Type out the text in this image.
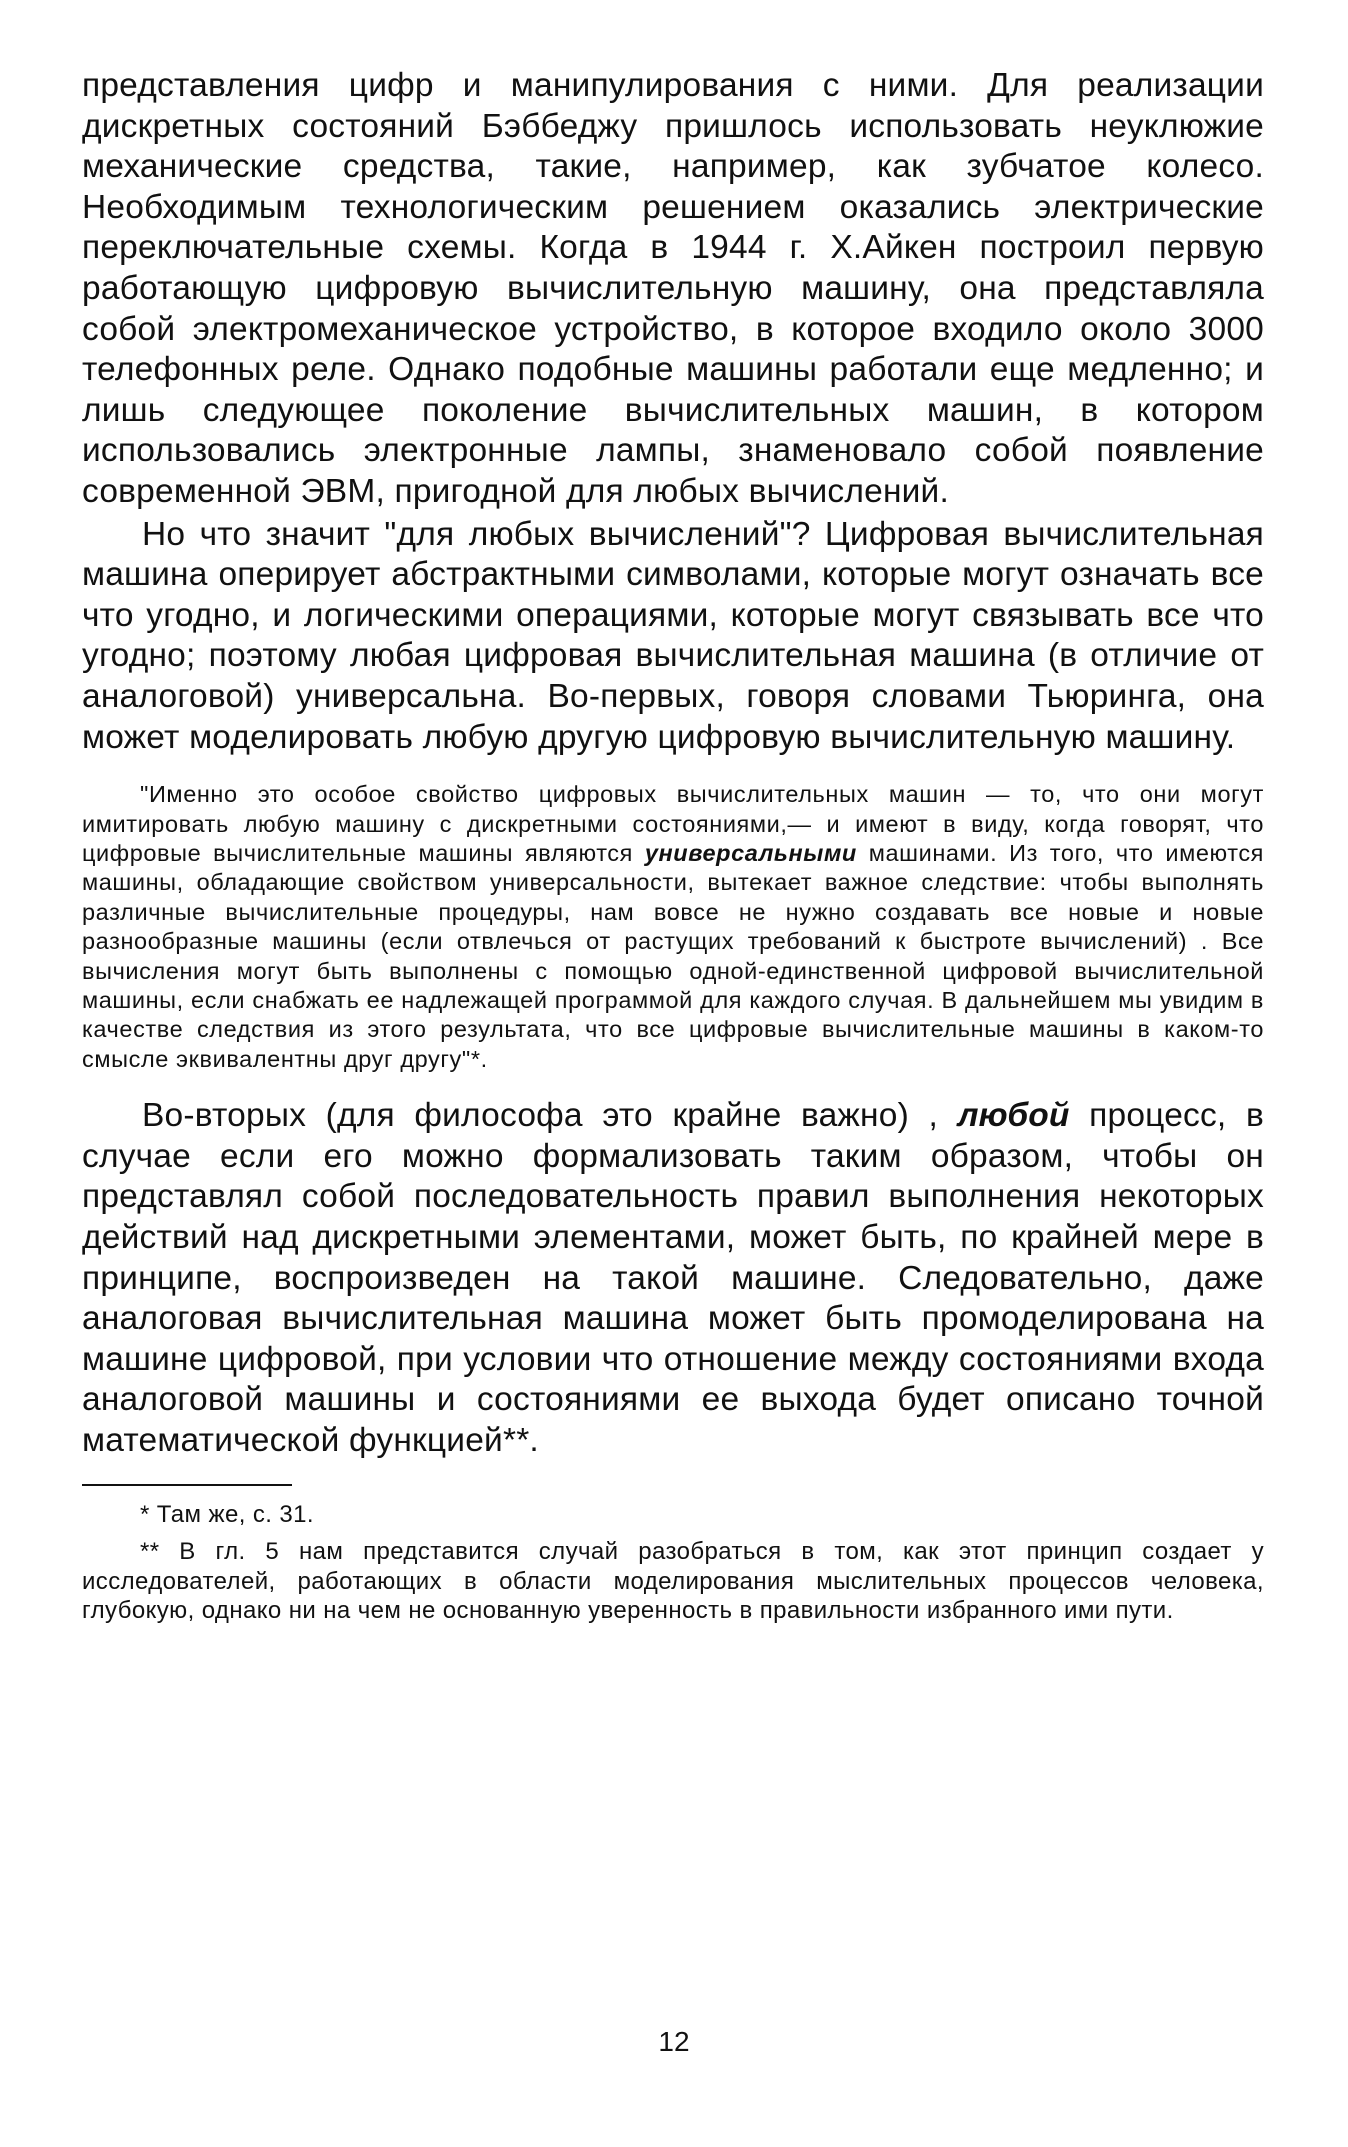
представления цифр и манипулирования с ними. Для реализации дискретных состояний Бэббеджу пришлось использовать неуклюжие механические средства, такие, например, как зубчатое колесо. Необходимым технологическим решением оказались электрические переключательные схемы. Когда в 1944 г. Х.Айкен построил первую работающую цифровую вычислительную машину, она представляла собой электромеханическое устройство, в которое входило около 3000 телефонных реле. Однако подобные машины работали еще медленно; и лишь следующее поколение вычислительных машин, в котором использовались электронные лампы, знаменовало собой появление современной ЭВМ, пригодной для любых вычислений.

Но что значит "для любых вычислений"? Цифровая вычислительная машина оперирует абстрактными символами, которые могут означать все что угодно, и логическими операциями, которые могут связывать все что угодно; поэтому любая цифровая вычислительная машина (в отличие от аналоговой) универсальна. Во-первых, говоря словами Тьюринга, она может моделировать любую другую цифровую вычислительную машину.

"Именно это особое свойство цифровых вычислительных машин — то, что они могут имитировать любую машину с дискретными состояниями,— и имеют в виду, когда говорят, что цифровые вычислительные машины являются универсальными машинами. Из того, что имеются машины, обладающие свойством универсальности, вытекает важное следствие: чтобы выполнять различные вычислительные процедуры, нам вовсе не нужно создавать все новые и новые разнообразные машины (если отвлечься от растущих требований к быстроте вычислений) . Все вычисления могут быть выполнены с помощью одной-единственной цифровой вычислительной машины, если снабжать ее надлежащей программой для каждого случая. В дальнейшем мы увидим в качестве следствия из этого результата, что все цифровые вычислительные машины в каком-то смысле эквивалентны друг другу"*.

Во-вторых (для философа это крайне важно) , любой процесс, в случае если его можно формализовать таким образом, чтобы он представлял собой последовательность правил выполнения некоторых действий над дискретными элементами, может быть, по крайней мере в принципе, воспроизведен на такой машине. Следовательно, даже аналоговая вычислительная машина может быть промоделирована на машине цифровой, при условии что отношение между состояниями входа аналоговой машины и состояниями ее выхода будет описано точной математической функцией**.

* Там же, с. 31.

** В гл. 5 нам представится случай разобраться в том, как этот принцип создает у исследователей, работающих в области моделирования мыслительных процессов человека, глубокую, однако ни на чем не основанную уверенность в правильности избранного ими пути.

12
